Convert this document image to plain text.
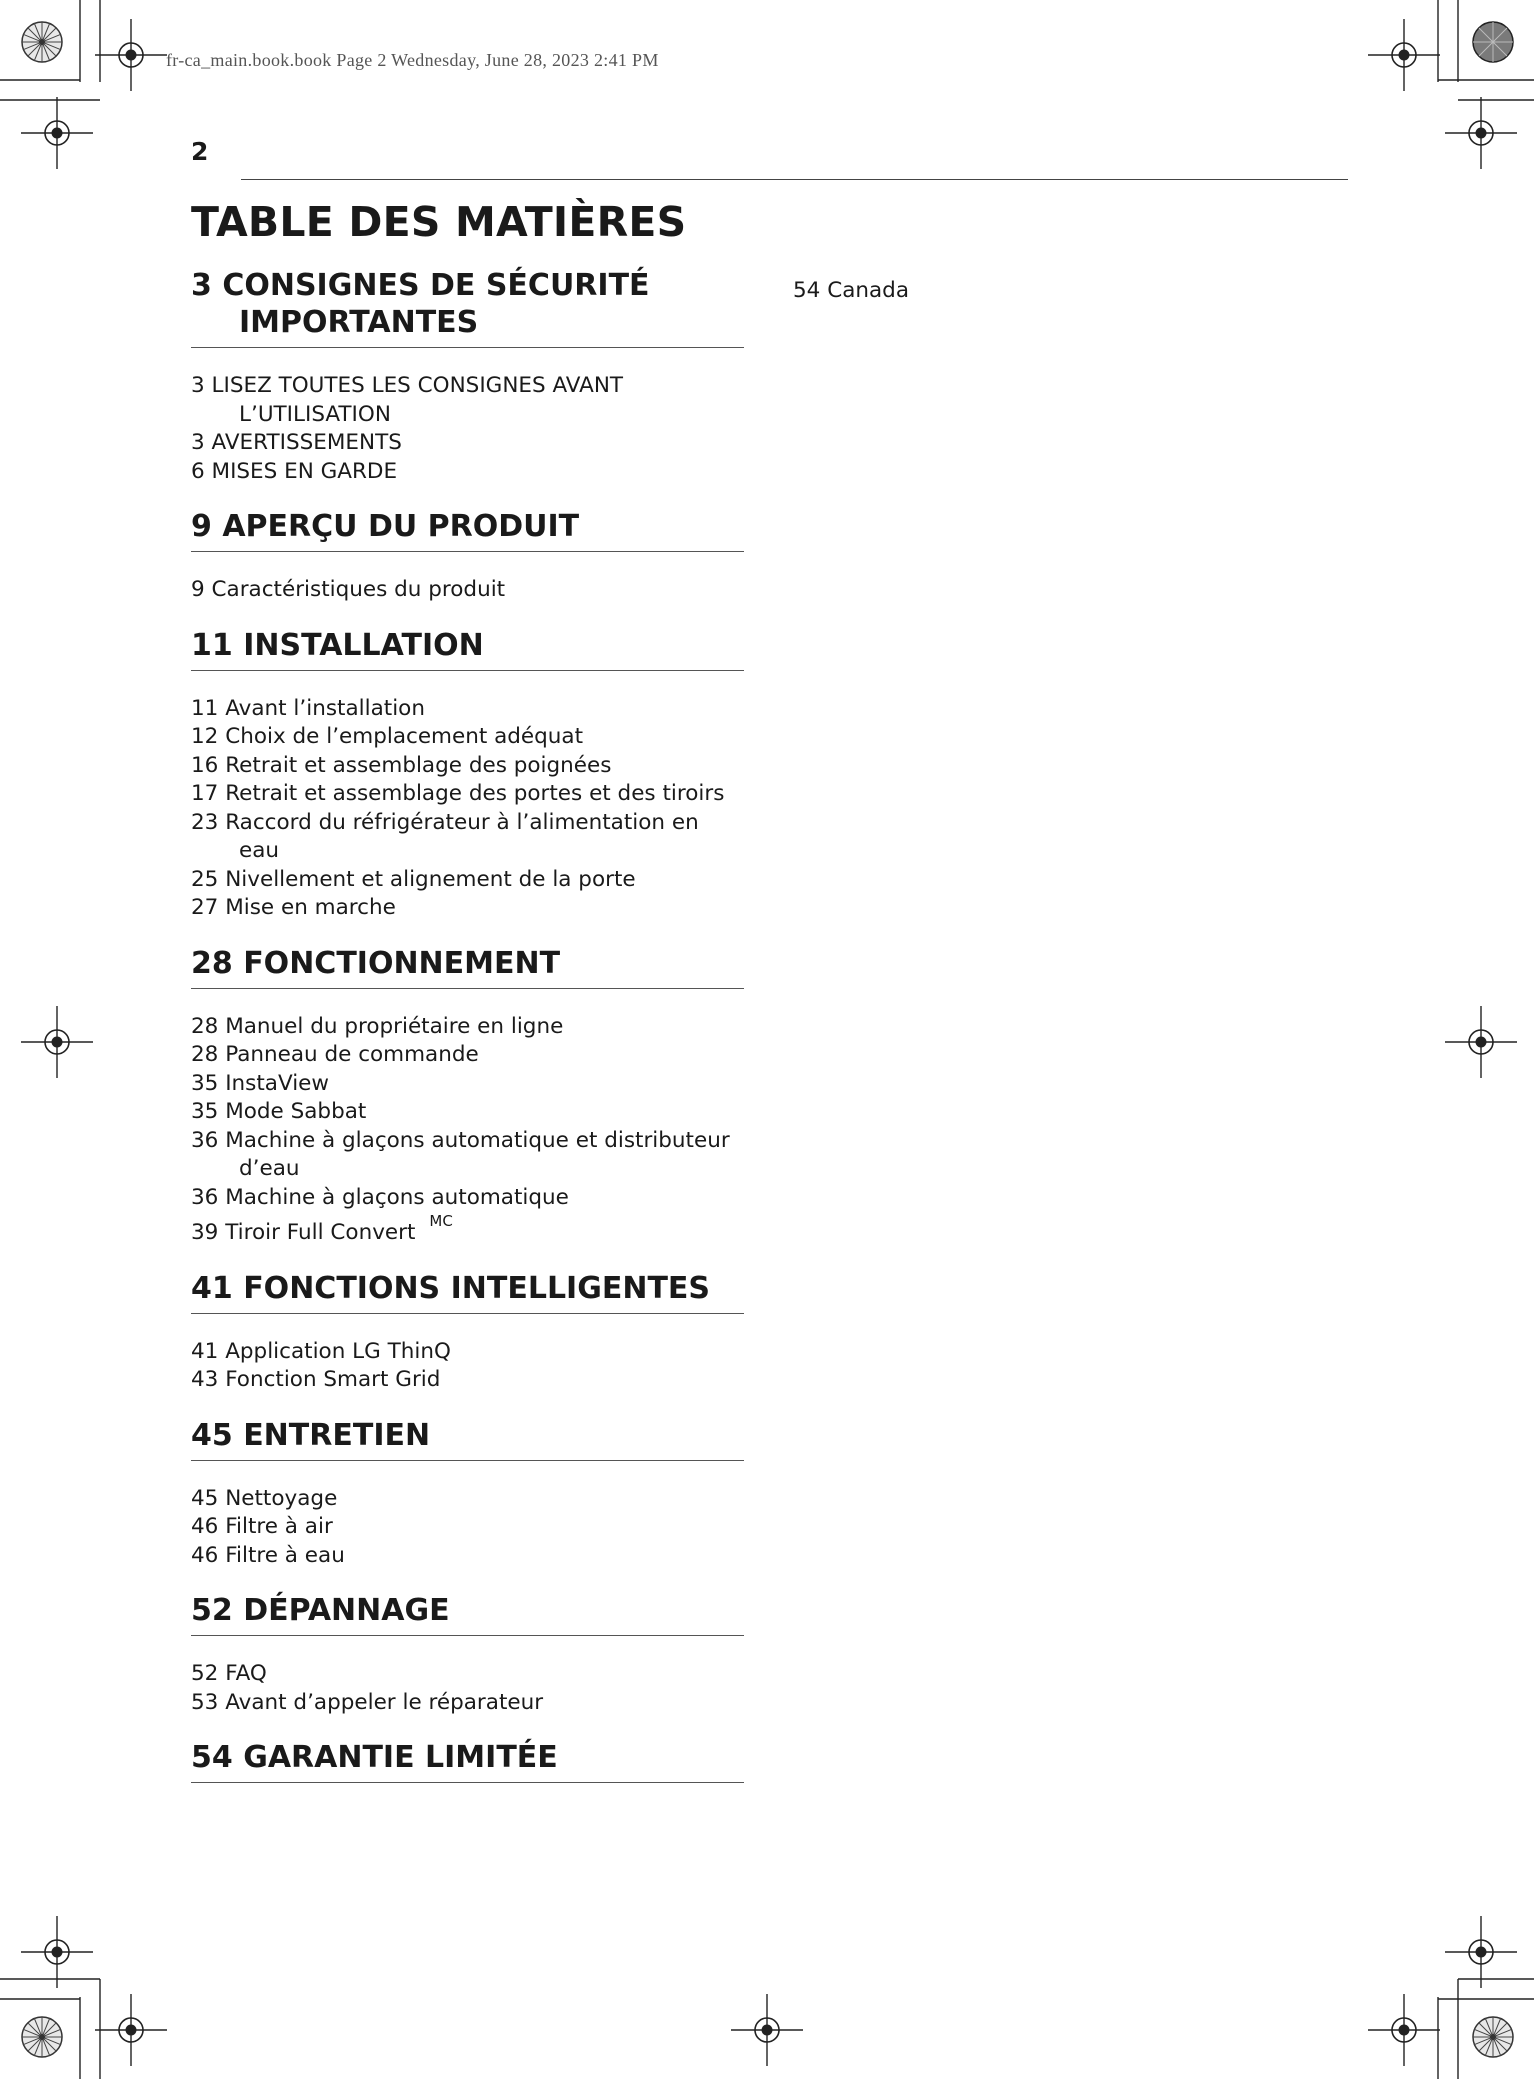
fr-ca_main.book.book Page 2 Wednesday, June 28, 2023 2:41 PM
2
TABLE DES MATIÈRES
3 CONSIGNES DE SÉCURITÉ IMPORTANTES
3 LISEZ TOUTES LES CONSIGNES AVANT L’UTILISATION
3 AVERTISSEMENTS
6 MISES EN GARDE
9 APERÇU DU PRODUIT
9 Caractéristiques du produit
11 INSTALLATION
11 Avant l’installation
12 Choix de l’emplacement adéquat
16 Retrait et assemblage des poignées
17 Retrait et assemblage des portes et des tiroirs
23 Raccord du réfrigérateur à l’alimentation en eau
25 Nivellement et alignement de la porte
27 Mise en marche
28 FONCTIONNEMENT
28 Manuel du propriétaire en ligne
28 Panneau de commande
35 InstaView
35 Mode Sabbat
36 Machine à glaçons automatique et distributeur d’eau
36 Machine à glaçons automatique
39 Tiroir Full Convert $^{MC}$
41 FONCTIONS INTELLIGENTES
41 Application LG ThinQ
43 Fonction Smart Grid
45 ENTRETIEN
45 Nettoyage
46 Filtre à air
46 Filtre à eau
52 DÉPANNAGE
52 FAQ
53 Avant d’appeler le réparateur
54 GARANTIE LIMITÉE
54 Canada
